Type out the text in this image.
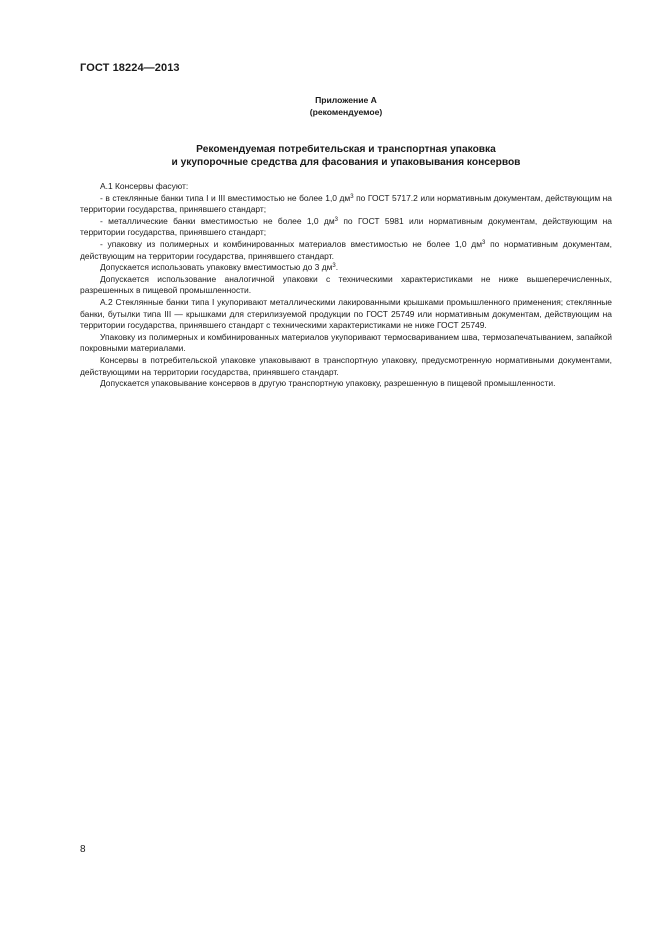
ГОСТ 18224—2013
Приложение А
(рекомендуемое)
Рекомендуемая потребительская и транспортная упаковка
и укупорочные средства для фасования и упаковывания консервов

А.1 Консервы фасуют:

- в стеклянные банки типа I и III вместимостью не более 1,0 $дм^3$ по ГОСТ 5717.2 или нормативным документам, действующим на территории государства, принявшего стандарт;

- металлические банки вместимостью не более 1,0 $дм^3$ по ГОСТ 5981 или нормативным документам, действующим на территории государства, принявшего стандарт;

- упаковку из полимерных и комбинированных материалов вместимостью не более 1,0 $дм^3$ по нормативным документам, действующим на территории государства, принявшего стандарт.

Допускается использовать упаковку вместимостью до 3 $дм^3$.

Допускается использование аналогичной упаковки с техническими характеристиками не ниже вышеперечисленных, разрешенных в пищевой промышленности.

А.2 Стеклянные банки типа I укупоривают металлическими лакированными крышками промышленного применения; стеклянные банки, бутылки типа III — крышками для стерилизуемой продукции по ГОСТ 25749 или нормативным документам, действующим на территории государства, принявшего стандарт с техническими характеристиками не ниже ГОСТ 25749.

Упаковку из полимерных и комбинированных материалов укупоривают термосвариванием шва, термозапечатыванием, запайкой покровными материалами.

Консервы в потребительской упаковке упаковывают в транспортную упаковку, предусмотренную нормативными документами, действующими на территории государства, принявшего стандарт.

Допускается упаковывание консервов в другую транспортную упаковку, разрешенную в пищевой промышленности.

8
